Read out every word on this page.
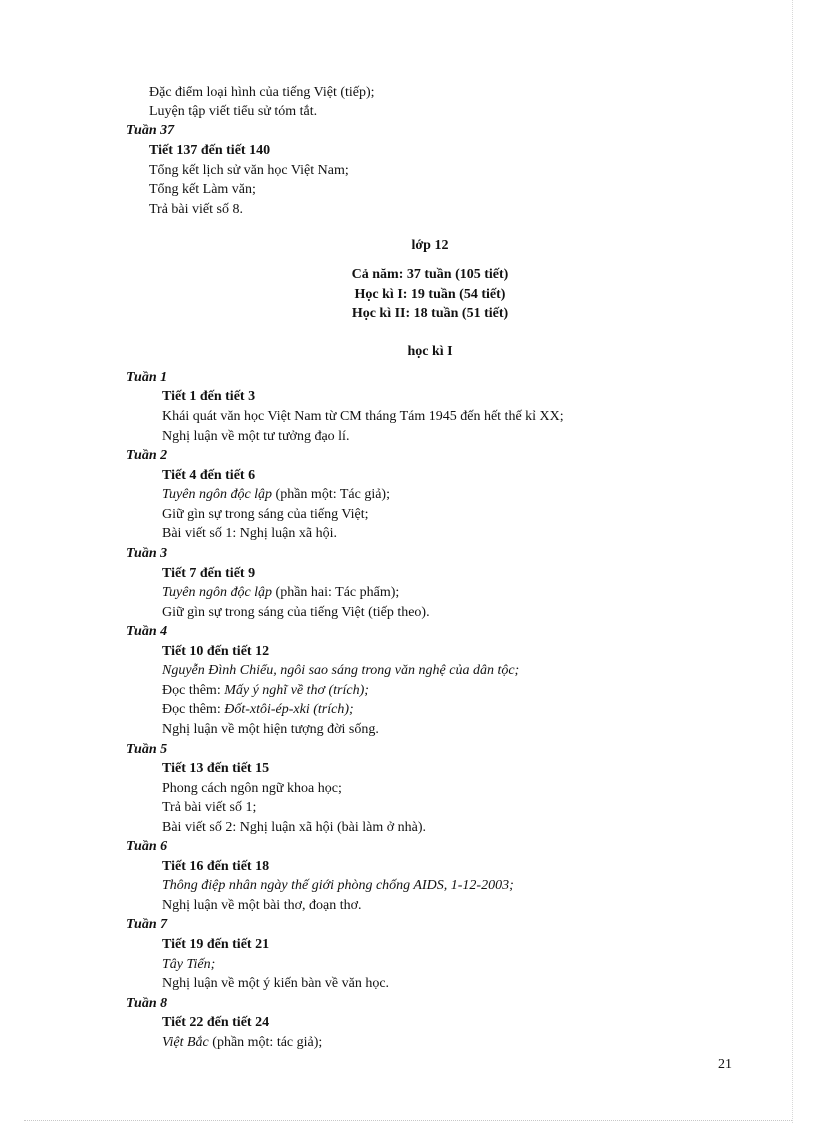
Đặc điểm loại hình của tiếng Việt (tiếp);
Luyện tập viết tiểu sử tóm tắt.
Tuần 37
Tiết 137 đến tiết 140
Tổng kết lịch sử văn học Việt Nam;
Tổng kết Làm văn;
Trả bài viết số 8.
lớp 12
Cả năm: 37 tuần (105 tiết)
Học kì I: 19 tuần (54 tiết)
Học kì II: 18 tuần (51 tiết)
học kì I
Tuần 1
Tiết 1 đến tiết 3
Khái quát văn học Việt Nam từ CM tháng Tám 1945 đến hết thế kỉ XX;
Nghị luận về một tư tưởng đạo lí.
Tuần 2
Tiết 4 đến tiết 6
Tuyên ngôn độc lập (phần một: Tác giả);
Giữ gìn sự trong sáng của tiếng Việt;
Bài viết số 1: Nghị luận xã hội.
Tuần 3
Tiết 7 đến tiết 9
Tuyên ngôn độc lập (phần hai: Tác phẩm);
Giữ gìn sự trong sáng của tiếng Việt (tiếp theo).
Tuần 4
Tiết 10 đến tiết 12
Nguyễn Đình Chiểu, ngôi sao sáng trong văn nghệ của dân tộc;
Đọc thêm: Mấy ý nghĩ về thơ (trích);
Đọc thêm: Đốt-xtôi-ép-xki (trích);
Nghị luận về một hiện tượng đời sống.
Tuần 5
Tiết 13 đến tiết 15
Phong cách ngôn ngữ khoa học;
Trả bài viết số 1;
Bài viết số 2: Nghị luận xã hội (bài làm ở nhà).
Tuần 6
Tiết 16 đến tiết 18
Thông điệp nhân ngày thế giới phòng chống AIDS, 1-12-2003;
Nghị luận về một bài thơ, đoạn thơ.
Tuần 7
Tiết 19 đến tiết 21
Tây Tiến;
Nghị luận về một ý kiến bàn về văn học.
Tuần 8
Tiết 22 đến tiết 24
Việt Bắc (phần một: tác giả);
21
